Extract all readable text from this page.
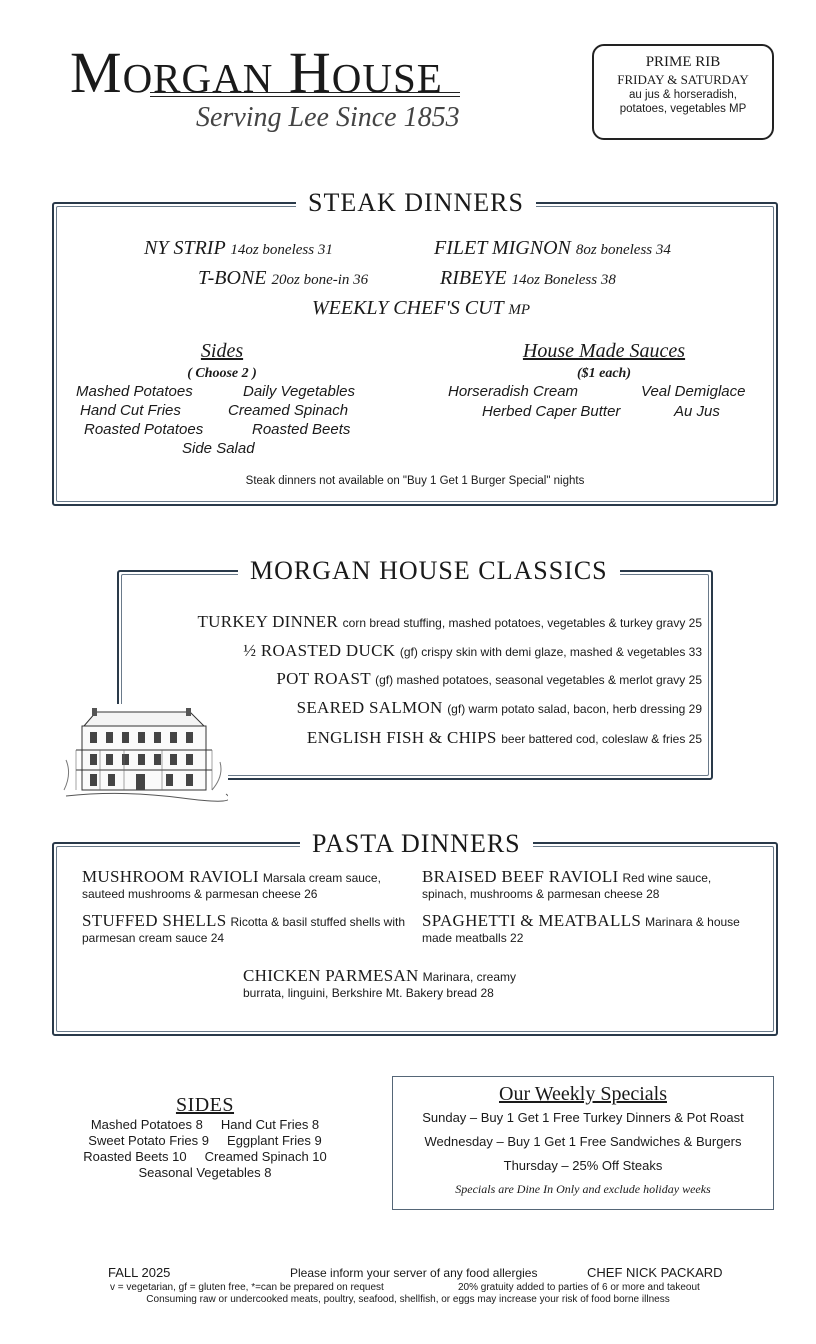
Morgan House
Serving Lee Since 1853
PRIME RIB
FRIDAY & SATURDAY
au jus & horseradish,
potatoes, vegetables MP
STEAK DINNERS
NY STRIP 14oz boneless 31	FILET MIGNON 8oz boneless 34
T-BONE 20oz bone-in 36	RIBEYE 14oz Boneless 38
WEEKLY CHEF'S CUT MP
Sides
( Choose 2 )
Mashed Potatoes	Daily Vegetables
Hand Cut Fries	Creamed Spinach
Roasted Potatoes	Roasted Beets
Side Salad
House Made Sauces
($1 each)
Horseradish Cream	Veal Demiglace
Herbed Caper Butter	Au Jus
Steak dinners not available on "Buy 1 Get 1 Burger Special" nights
MORGAN HOUSE CLASSICS
TURKEY DINNER corn bread stuffing, mashed potatoes, vegetables & turkey gravy 25
½ ROASTED DUCK (gf) crispy skin with demi glaze, mashed & vegetables 33
POT ROAST (gf) mashed potatoes, seasonal vegetables & merlot gravy 25
SEARED SALMON (gf) warm potato salad, bacon, herb dressing 29
ENGLISH FISH & CHIPS beer battered cod, coleslaw & fries 25
PASTA DINNERS
MUSHROOM RAVIOLI Marsala cream sauce,
sauteed mushrooms & parmesan cheese 26
BRAISED BEEF RAVIOLI Red wine sauce,
spinach, mushrooms & parmesan cheese 28
STUFFED SHELLS Ricotta & basil stuffed shells with
parmesan cream sauce 24
SPAGHETTI & MEATBALLS Marinara & house
made meatballs 22
CHICKEN PARMESAN Marinara, creamy
burrata, linguini, Berkshire Mt. Bakery bread 28
SIDES
Mashed Potatoes 8     Hand Cut Fries 8
Sweet Potato Fries 9     Eggplant Fries 9
Roasted Beets 10     Creamed Spinach 10
Seasonal Vegetables 8
Our Weekly Specials
Sunday – Buy 1 Get 1 Free Turkey Dinners & Pot Roast
Wednesday – Buy 1 Get 1 Free Sandwiches & Burgers
Thursday – 25% Off Steaks
Specials are Dine In Only and exclude holiday weeks
FALL 2025	Please inform your server of any food allergies	CHEF NICK PACKARD
v = vegetarian, gf = gluten free, *=can be prepared on request	20% gratuity added to parties of 6 or more and takeout
Consuming raw or undercooked meats, poultry, seafood, shellfish, or eggs may increase your risk of food borne illness
